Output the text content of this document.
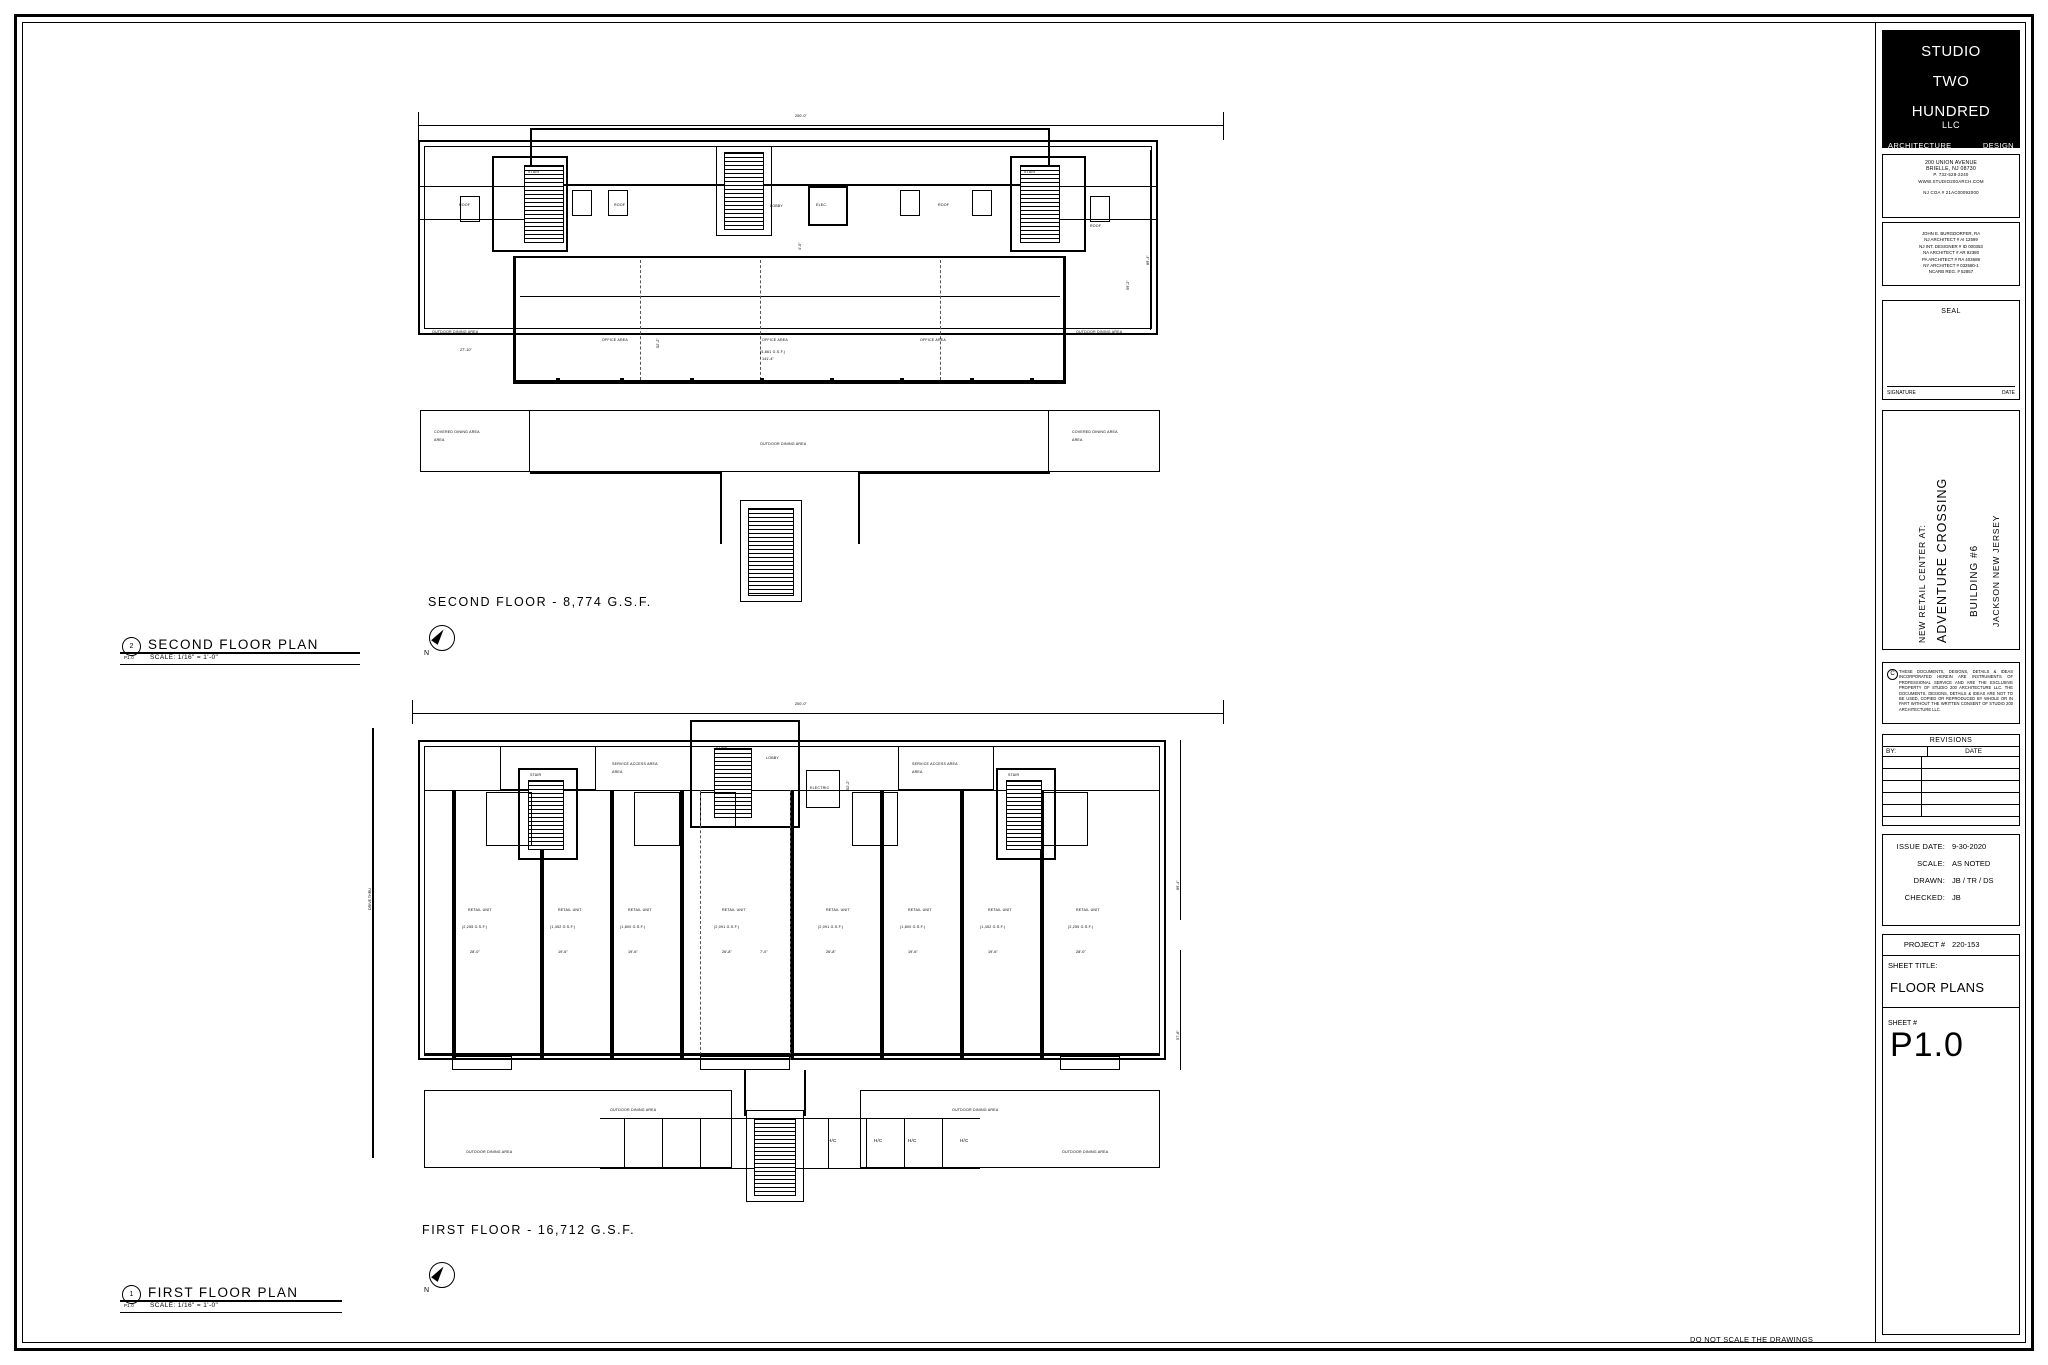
STUDIO
TWO
HUNDRED
LLC
ARCHITECTURE	DESIGN
200 UNION AVENUE
BRIELLE, NJ 08730
P. 732-528-2240
WWW.STUDIO200ARCH.COM
NJ COA # 21AC00092000
JOHN E. BURGDORFER, RA
NJ ARCHITECT # AI 12599
NJ INT. DESIGNER # ID 000353
NA ARCHITECT # AR 92380
PA ARCHITECT # RA 403689
NY ARCHITECT # 032580-1
NCARB REG. # 52857
SEAL
SIGNATURE	DATE
NEW RETAIL CENTER AT: ADVENTURE CROSSING BUILDING #6 JACKSON NEW JERSEY
C	THESE DOCUMENTS, DESIGNS, DETAILS & IDEAS INCORPORATED HEREIN ARE INSTRUMENTS OF PROFESSIONAL SERVICE AND ARE THE EXCLUSIVE PROPERTY OF STUDIO 200 ARCHITECTURE LLC. THE DOCUMENTS, DESIGNS, DETAILS & IDEAS ARE NOT TO BE USED, COPIED OR REPRODUCED BY WHOLE OR IN PART WITHOUT THE WRITTEN CONSENT OF STUDIO 200 ARCHITECTURE LLC.
REVISIONS
BY:	DATE
ISSUE DATE: 9-30-2020
SCALE: AS NOTED
DRAWN: JB / TR / DS
CHECKED: JB
PROJECT # 220-153
SHEET TITLE:
FLOOR PLANS
SHEET #
P1.0
200'-0"
89'-4"
ELEC.
STAIR	STAIR
ROOF	ROOF	ROOF
ROOF
LOBBY
OUTDOOR DINING AREA
OFFICE AREA	OFFICE AREA
(5,861 G.S.F.)
OFFICE AREA
OUTDOOR DINING AREA
COVERED DINING AREA
AREA
COVERED DINING AREA
AREA
OUTDOOR DINING AREA
27'-10"
141'-4"
52'-2"
59'-2"
4'-0"
SECOND FLOOR - 8,774 G.S.F.
N
2
P1.0
SECOND FLOOR PLAN
SCALE: 1/16" = 1'-0"
200'-0"
DRIVE THRU
89'-4"
57'-8"
ELECTRIC
LOBBY
STAIR
STAIR	STAIR
SERVICE ACCESS AREA
AREA
SERVICE ACCESS AREA
AREA
RETAIL UNIT
(2,255 G.S.F.)
28'-0"
RETAIL UNIT
(1,452 G.S.F.)
19'-6"
RETAIL UNIT
(1,800 G.S.F.)
19'-6"
RETAIL UNIT
(2,091 G.S.F.)
26'-8"
RETAIL UNIT
(2,091 G.S.F.)
26'-8"
RETAIL UNIT
(1,800 G.S.F.)
19'-6"
RETAIL UNIT
(1,452 G.S.F.)
19'-6"
RETAIL UNIT
(2,255 G.S.F.)
28'-0"
7'-0"
52'-2"
OUTDOOR DINING AREA	OUTDOOR DINING AREA
OUTDOOR DINING AREA	OUTDOOR DINING AREA
H/C	H/C	H/C	H/C
FIRST FLOOR - 16,712 G.S.F.
N
1
P1.0
FIRST FLOOR PLAN
SCALE: 1/16" = 1'-0"
DO NOT SCALE THE DRAWINGS
